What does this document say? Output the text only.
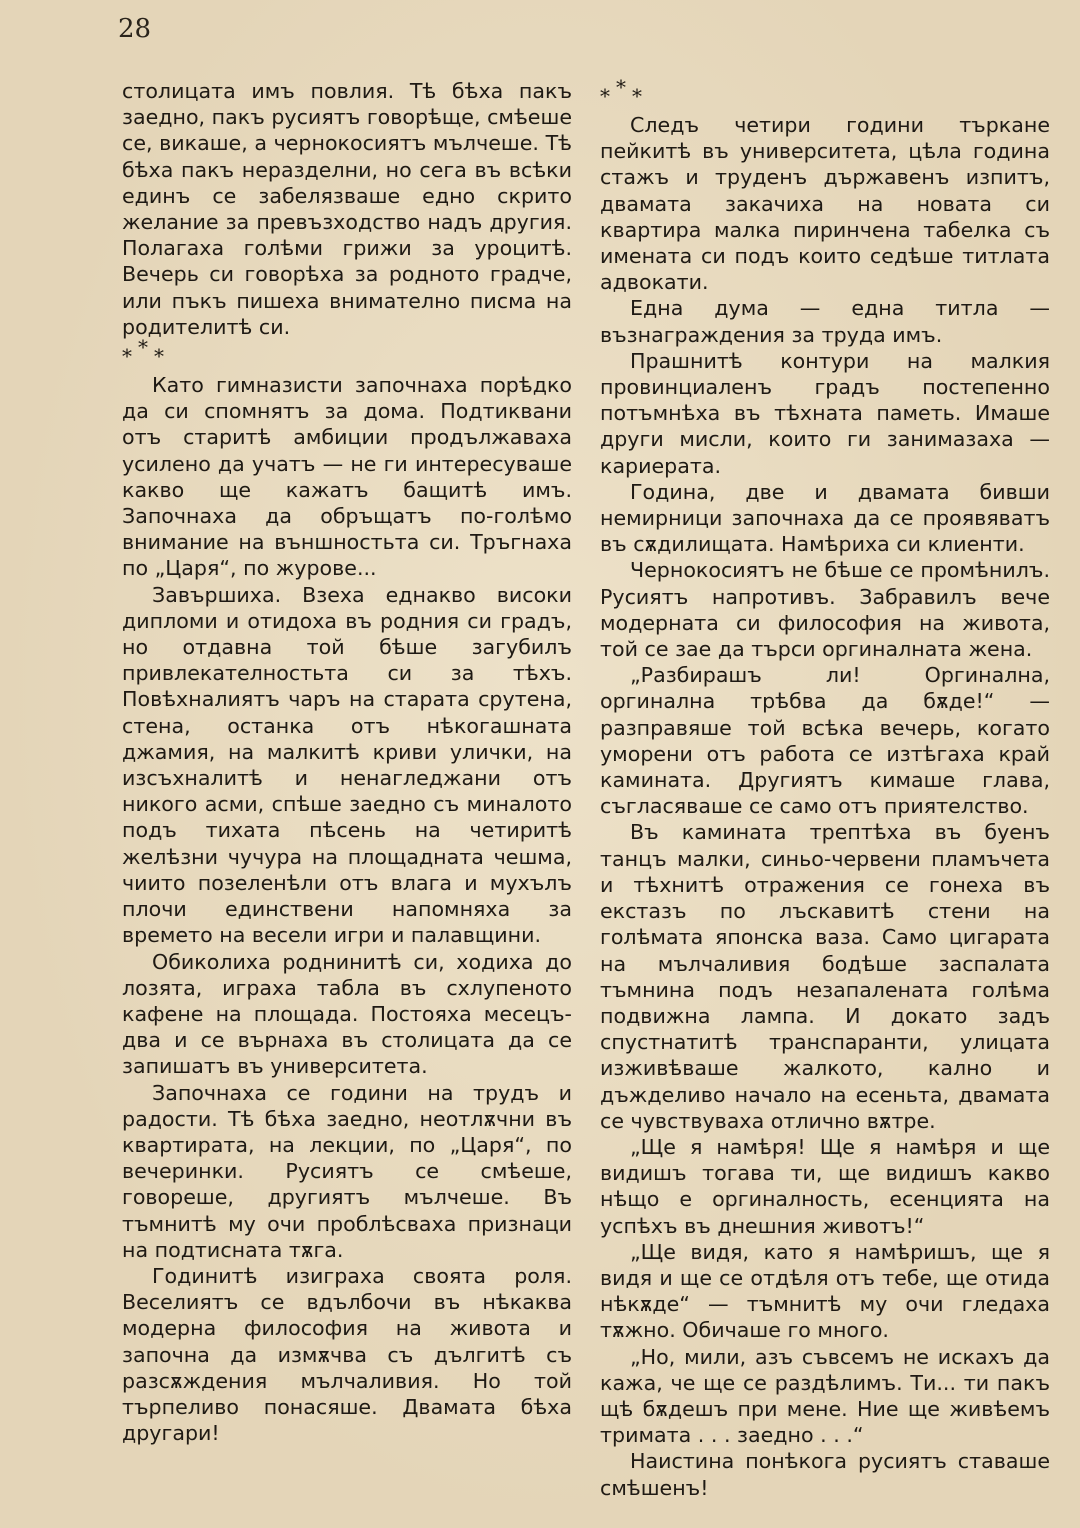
28

столицата имъ повлия. Тѣ бѣха пакъ заедно, пакъ русиятъ говорѣще, смѣеше се, викаше, а чернокосиятъ мълчеше. Тѣ бѣха пакъ неразделни, но сега въ всѣки единъ се забелязваше едно скрито желание за превъзходство надъ другия. Полагаха голѣми грижи за уроцитѣ. Вечерь си говорѣха за родното градче, или пъкъ пишеха внимателно писма на родителитѣ си.

***

Като гимназисти започнаха порѣдко да си спомнятъ за дома. Подтиквани отъ старитѣ амбиции продължаваха усилено да учатъ — не ги интересуваше какво ще кажатъ бащитѣ имъ. Започнаха да обръщатъ по-голѣмо внимание на външностьта си. Тръгнаха по „Царя“, по журове...

Завършиха. Взеха еднакво високи дипломи и отидоха въ родния си градъ, но отдавна той бѣше загубилъ привлекателностьта си за тѣхъ. Повѣхналиятъ чаръ на старата срутена, стена, останка отъ нѣкогашната джамия, на малкитѣ криви улички, на изсъхналитѣ и ненагледжани отъ никого асми, спѣше заедно съ миналото подъ тихата пѣсень на четиритѣ желѣзни чучура на площадната чешма, чиито позеленѣли отъ влага и мухълъ плочи единствени напомняха за времето на весели игри и палавщини.

Обиколиха роднинитѣ си, ходиха до лозята, играха табла въ схлупеното кафене на площада. Постояха месецъ-два и се върнаха въ столицата да се запишатъ въ университета.

Започнаха се години на трудъ и радости. Тѣ бѣха заедно, неотлѫчни въ квартирата, на лекции, по „Царя“, по вечеринки. Русиятъ се смѣеше, говореше, другиятъ мълчеше. Въ тъмнитѣ му очи проблѣсваха признаци на подтисната тѫга.

Годинитѣ изиграха своята роля. Веселиятъ се вдълбочи въ нѣкаква модерна философия на живота и започна да измѫчва съ дългитѣ съ разсѫждения мълчаливия. Но той търпеливо понасяше. Двамата бѣха другари!

***

Следъ четири години търкане пейкитѣ въ университета, цѣла година стажъ и труденъ държавенъ изпитъ, двамата закачиха на новата си квартира малка пиринчена табелка съ имената си подъ които седѣше титлата адвокати.

Една дума — една титла — възнаграждения за труда имъ.

Прашнитѣ контури на малкия провинциаленъ градъ постепенно потъмнѣха въ тѣхната паметь. Имаше други мисли, които ги занимазаха — кариерата.

Година, две и двамата бивши немирници започнаха да се проявяватъ въ сѫдилищата. Намѣриха си клиенти.

Чернокосиятъ не бѣше се промѣнилъ. Русиятъ напротивъ. Забравилъ вече модерната си философия на живота, той се зае да търси оргиналната жена.

„Разбирашъ ли! Оргинална, оргинална трѣбва да бѫде!“ — разправяше той всѣка вечерь, когато уморени отъ работа се изтѣгаха край камината. Другиятъ кимаше глава, съгласяваше се само отъ приятелство.

Въ камината трептѣха въ буенъ танцъ малки, синьо-червени пламъчета и тѣхнитѣ отражения се гонеха въ екстазъ по лъскавитѣ стени на голѣмата японска ваза. Само цигарата на мълчаливия бодѣше заспалата тъмнина подъ незапалената голѣма подвижна лампа. И докато задъ спустнатитѣ транспаранти, улицата изживѣваше жалкото, кално и дъжделиво начало на есеньта, двамата се чувствуваха отлично вѫтре.

„Ще я намѣря! Ще я намѣря и ще видишъ тогава ти, ще видишъ какво нѣщо е оргиналность, есенцията на успѣхъ въ днешния животъ!“

„Ще видя, като я намѣришъ, ще я видя и ще се отдѣля отъ тебе, ще отида нѣкѫде“ — тъмнитѣ му очи гледаха тѫжно. Обичаше го много.

„Но, мили, азъ съвсемъ не искахъ да кажа, че ще се раздѣлимъ. Ти... ти пакъ щѣ бѫдешъ при мене. Ние ще живѣемъ тримата . . . заедно . . .“

Наистина понѣкога русиятъ ставаше смѣшенъ!
